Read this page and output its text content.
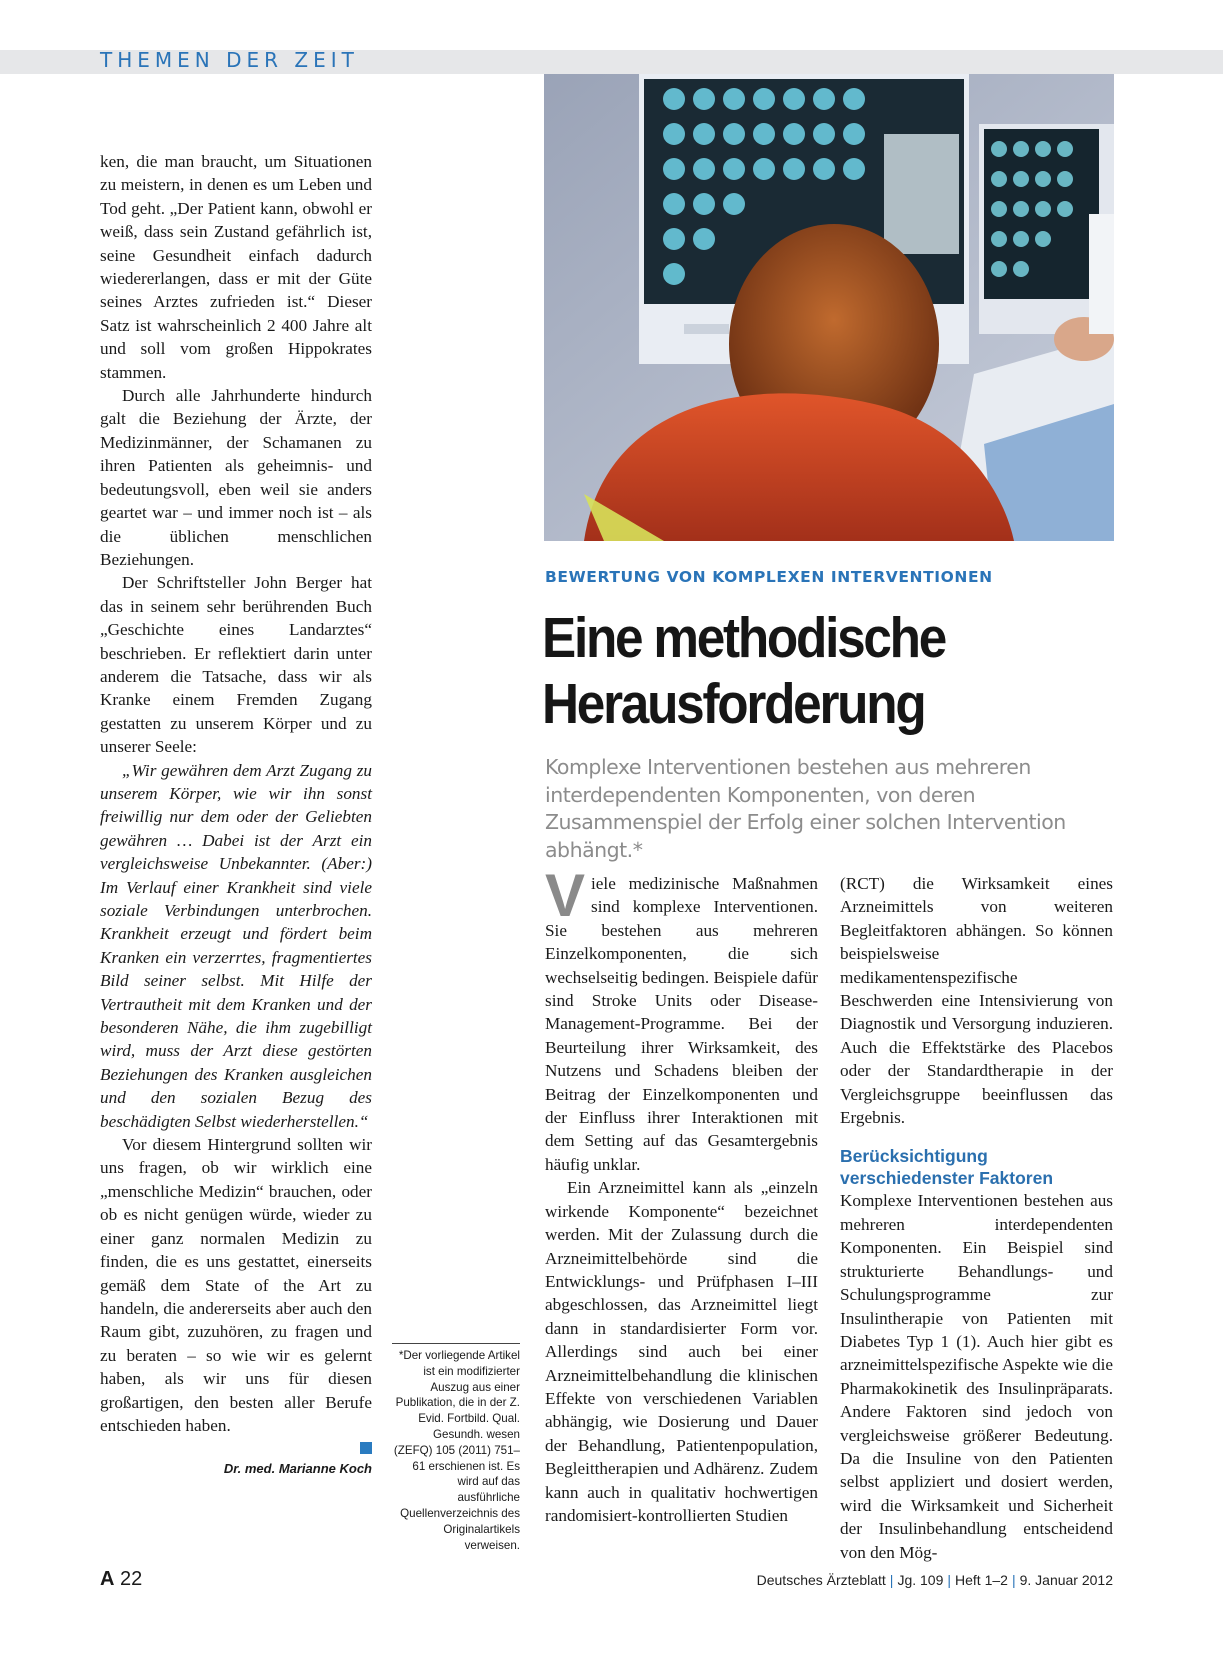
THEMEN DER ZEIT

ken, die man braucht, um Situationen zu meistern, in denen es um Leben und Tod geht. „Der Patient kann, obwohl er weiß, dass sein Zustand gefährlich ist, seine Gesundheit einfach dadurch wiedererlangen, dass er mit der Güte seines Arztes zufrieden ist.“ Dieser Satz ist wahrscheinlich 2 400 Jahre alt und soll vom großen Hippokrates stammen.

Durch alle Jahrhunderte hindurch galt die Beziehung der Ärzte, der Medizinmänner, der Schamanen zu ihren Patienten als geheimnis- und bedeutungsvoll, eben weil sie anders geartet war – und immer noch ist – als die üblichen menschlichen Beziehungen.

Der Schriftsteller John Berger hat das in seinem sehr berührenden Buch „Geschichte eines Landarztes“ beschrieben. Er reflektiert darin unter anderem die Tatsache, dass wir als Kranke einem Fremden Zugang gestatten zu unserem Körper und zu unserer Seele:

„Wir gewähren dem Arzt Zugang zu unserem Körper, wie wir ihn sonst freiwillig nur dem oder der Geliebten gewähren … Dabei ist der Arzt ein vergleichsweise Unbekannter. (Aber:) Im Verlauf einer Krankheit sind viele soziale Verbindungen unterbrochen. Krankheit erzeugt und fördert beim Kranken ein verzerrtes, fragmentiertes Bild seiner selbst. Mit Hilfe der Vertrautheit mit dem Kranken und der besonderen Nähe, die ihm zugebilligt wird, muss der Arzt diese gestörten Beziehungen des Kranken ausgleichen und den sozialen Bezug des beschädigten Selbst wiederherstellen.“

Vor diesem Hintergrund sollten wir uns fragen, ob wir wirklich eine „menschliche Medizin“ brauchen, oder ob es nicht genügen würde, wieder zu einer ganz normalen Medizin zu finden, die es uns gestattet, einerseits gemäß dem State of the Art zu handeln, die andererseits aber auch den Raum gibt, zuzuhören, zu fragen und zu beraten – so wie wir es gelernt haben, als wir uns für diesen großartigen, den besten aller Berufe entschieden haben.

Dr. med. Marianne Koch
*Der vorliegende Artikel ist ein modifizierter Auszug aus einer Publikation, die in der Z. Evid. Fortbild. Qual. Gesundh. wesen (ZEFQ) 105 (2011) 751–61 erschienen ist. Es wird auf das ausführliche Quellenverzeichnis des Originalartikels verweisen.
BEWERTUNG VON KOMPLEXEN INTERVENTIONEN
Eine methodische
Herausforderung
Komplexe Interventionen bestehen aus mehreren interdependenten Komponenten, von deren Zusammenspiel der Erfolg einer solchen Intervention abhängt.*

Viele medizinische Maßnahmen sind komplexe Interventionen. Sie bestehen aus mehreren Einzelkomponenten, die sich wechselseitig bedingen. Beispiele dafür sind Stroke Units oder Disease-Management-Programme. Bei der Beurteilung ihrer Wirksamkeit, des Nutzens und Schadens bleiben der Beitrag der Einzelkomponenten und der Einfluss ihrer Interaktionen mit dem Setting auf das Gesamtergebnis häufig unklar.

Ein Arzneimittel kann als „einzeln wirkende Komponente“ bezeichnet werden. Mit der Zulassung durch die Arzneimittelbehörde sind die Entwicklungs- und Prüfphasen I–III abgeschlossen, das Arzneimittel liegt dann in standardisierter Form vor. Allerdings sind auch bei einer Arzneimittelbehandlung die klinischen Effekte von verschiedenen Variablen abhängig, wie Dosierung und Dauer der Behandlung, Patientenpopulation, Begleittherapien und Adhärenz. Zudem kann auch in qualitativ hochwertigen randomisiert-kontrollierten Studien

(RCT) die Wirksamkeit eines Arzneimittels von weiteren Begleitfaktoren abhängen. So können beispielsweise medikamentenspezifische Beschwerden eine Intensivierung von Diagnostik und Versorgung induzieren. Auch die Effektstärke des Placebos oder der Standardtherapie in der Vergleichsgruppe beeinflussen das Ergebnis.

Berücksichtigung
verschiedenster Faktoren

Komplexe Interventionen bestehen aus mehreren interdependenten Komponenten. Ein Beispiel sind strukturierte Behandlungs- und Schulungsprogramme zur Insulintherapie von Patienten mit Diabetes Typ 1 (1). Auch hier gibt es arzneimittelspezifische Aspekte wie die Pharmakokinetik des Insulinpräparats. Andere Faktoren sind jedoch von vergleichsweise größerer Bedeutung. Da die Insuline von den Patienten selbst appliziert und dosiert werden, wird die Wirksamkeit und Sicherheit der Insulinbehandlung entscheidend von den Mög-

A 22	Deutsches Ärzteblatt | Jg. 109 | Heft 1–2 | 9. Januar 2012
